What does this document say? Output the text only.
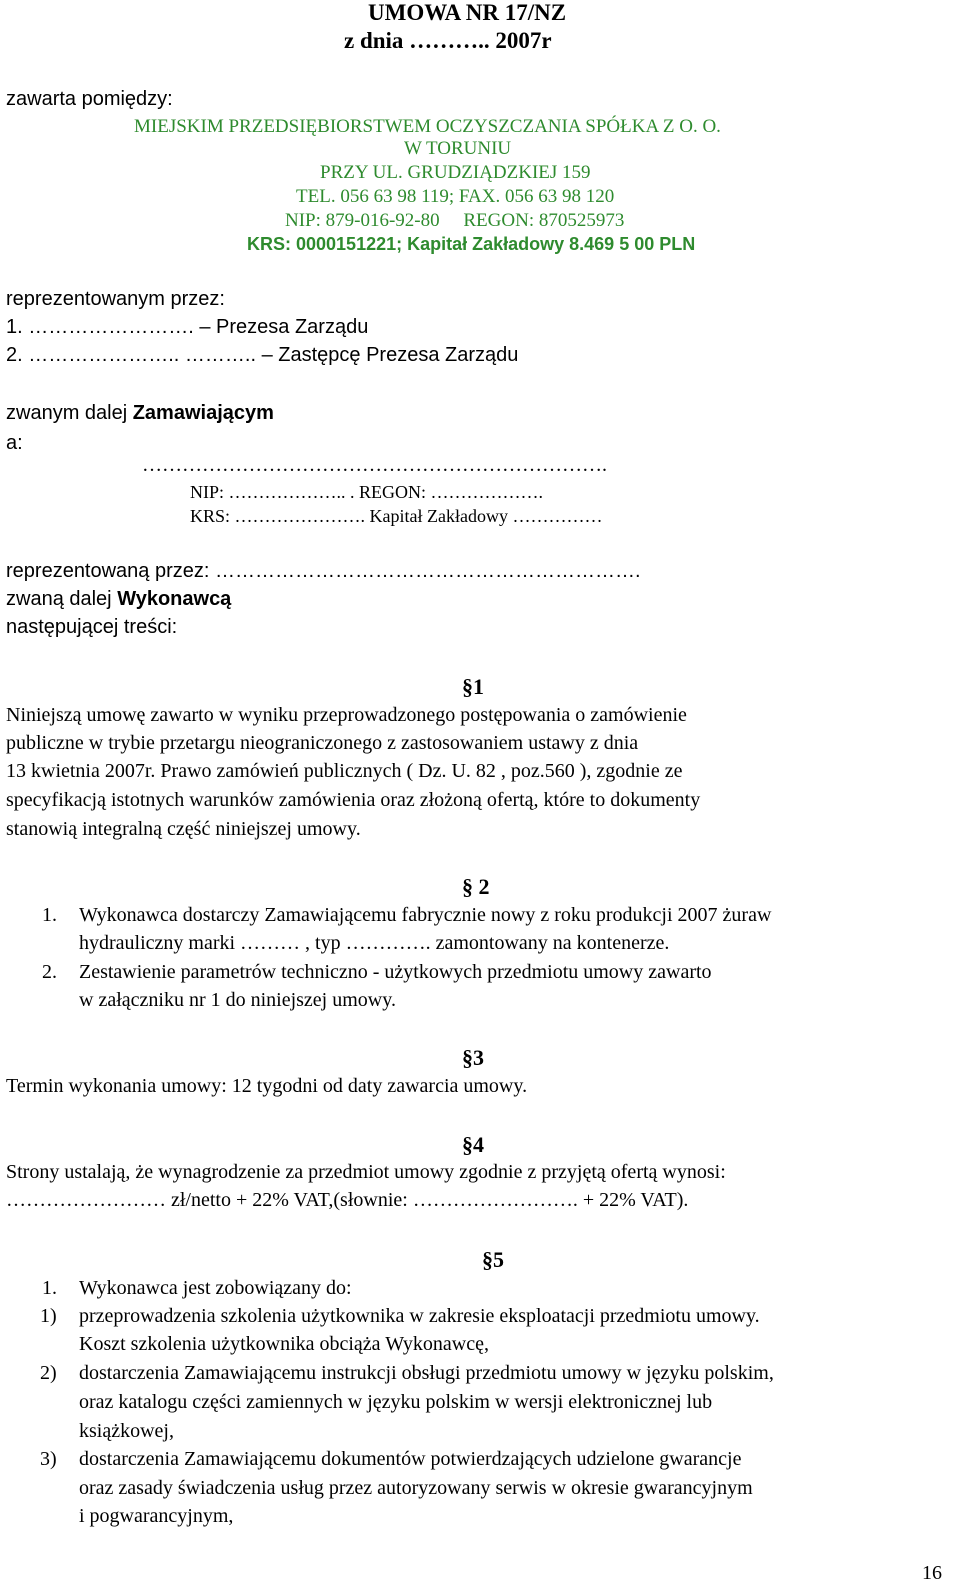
UMOWA NR 17/NZ
z dnia ……….. 2007r
zawarta pomiędzy:
MIEJSKIM PRZEDSIĘBIORSTWEM OCZYSZCZANIA SPÓŁKA Z O. O.
W TORUNIU
PRZY UL. GRUDZIĄDZKIEJ 159
TEL. 056 63 98 119; FAX. 056 63 98 120
NIP: 879-016-92-80     REGON: 870525973
KRS: 0000151221; Kapitał Zakładowy 8.469 5 00 PLN
reprezentowanym przez:
1. ……………………. – Prezesa Zarządu
2. ………………….. ……….. – Zastępcę Prezesa Zarządu
zwanym dalej Zamawiającym
a:
…………………………………………………………….
NIP: ……………….. . REGON: ……………….
KRS: …………………. Kapitał Zakładowy ……………
reprezentowaną przez: ……………………………………………………….
zwaną dalej Wykonawcą
następującej treści:
§1
Niniejszą umowę zawarto w wyniku przeprowadzonego postępowania o zamówienie
publiczne w trybie przetargu nieograniczonego z zastosowaniem ustawy z dnia
13 kwietnia 2007r. Prawo zamówień publicznych ( Dz. U. 82 , poz.560 ), zgodnie ze
specyfikacją istotnych warunków zamówienia oraz złożoną ofertą, które to dokumenty
stanowią integralną część niniejszej umowy.
§ 2
1. Wykonawca dostarczy Zamawiającemu fabrycznie nowy z roku produkcji 2007 żuraw
hydrauliczny marki ……… , typ …………. zamontowany na kontenerze.
2. Zestawienie parametrów techniczno - użytkowych przedmiotu umowy zawarto
w załączniku nr 1 do niniejszej umowy.
§3
Termin wykonania umowy: 12 tygodni od daty zawarcia umowy.
§4
Strony ustalają, że wynagrodzenie za przedmiot umowy zgodnie z przyjętą ofertą wynosi:
…………………… zł/netto + 22% VAT,(słownie: ……………………. + 22% VAT).
§5
1. Wykonawca jest zobowiązany do:
1) przeprowadzenia szkolenia użytkownika w zakresie eksploatacji przedmiotu umowy.
Koszt szkolenia użytkownika obciąża Wykonawcę,
2) dostarczenia Zamawiającemu instrukcji obsługi przedmiotu umowy w języku polskim,
oraz katalogu części zamiennych w języku polskim w wersji elektronicznej lub
książkowej,
3) dostarczenia Zamawiającemu dokumentów potwierdzających udzielone gwarancje
oraz zasady świadczenia usług przez autoryzowany serwis w okresie gwarancyjnym
i pogwarancyjnym,
16
